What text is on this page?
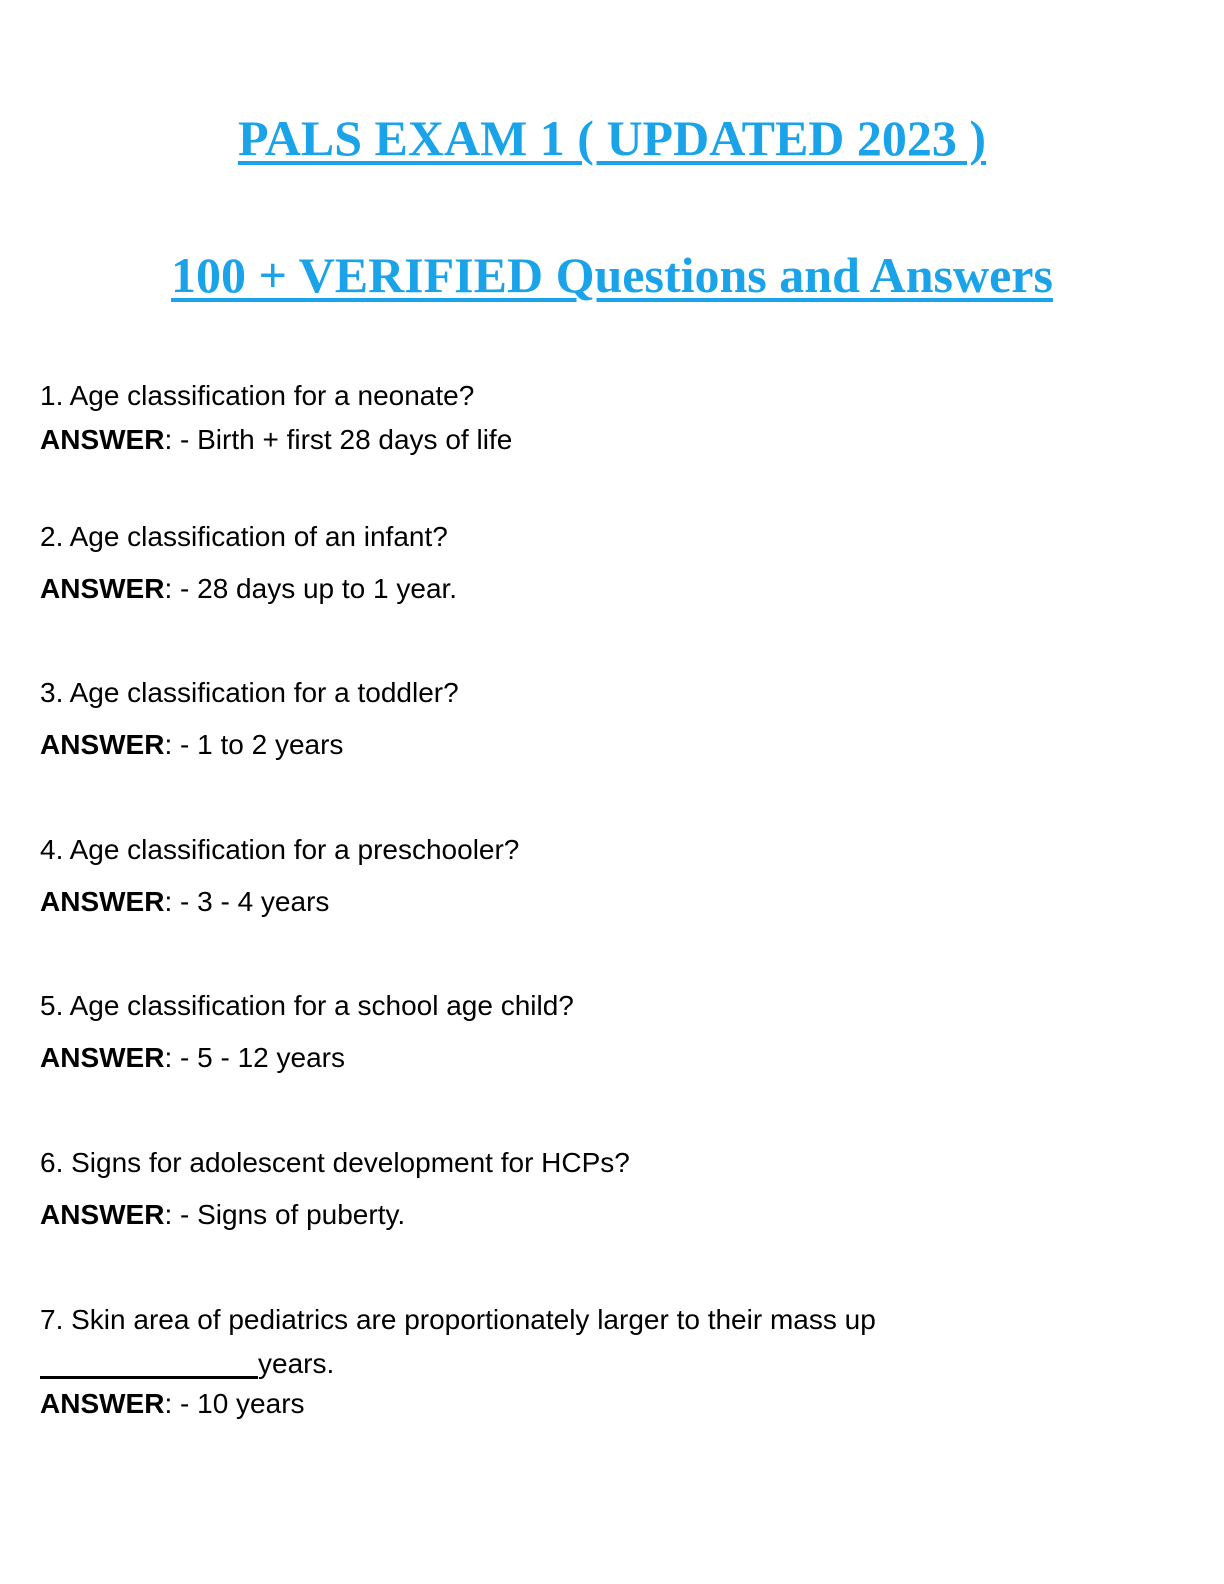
PALS EXAM 1 ( UPDATED 2023 )
100 + VERIFIED Questions and Answers

1. Age classification for a neonate?

ANSWER: - Birth + first 28 days of life

2. Age classification of an infant?

ANSWER: - 28 days up to 1 year.

3. Age classification for a toddler?

ANSWER: - 1 to 2 years

4. Age classification for a preschooler?

ANSWER: - 3 - 4 years

5. Age classification for a school age child?

ANSWER: - 5 - 12 years

6. Signs for adolescent development for HCPs?

ANSWER: - Signs of puberty.

7. Skin area of pediatrics are proportionately larger to their mass up

years.

ANSWER: - 10 years
